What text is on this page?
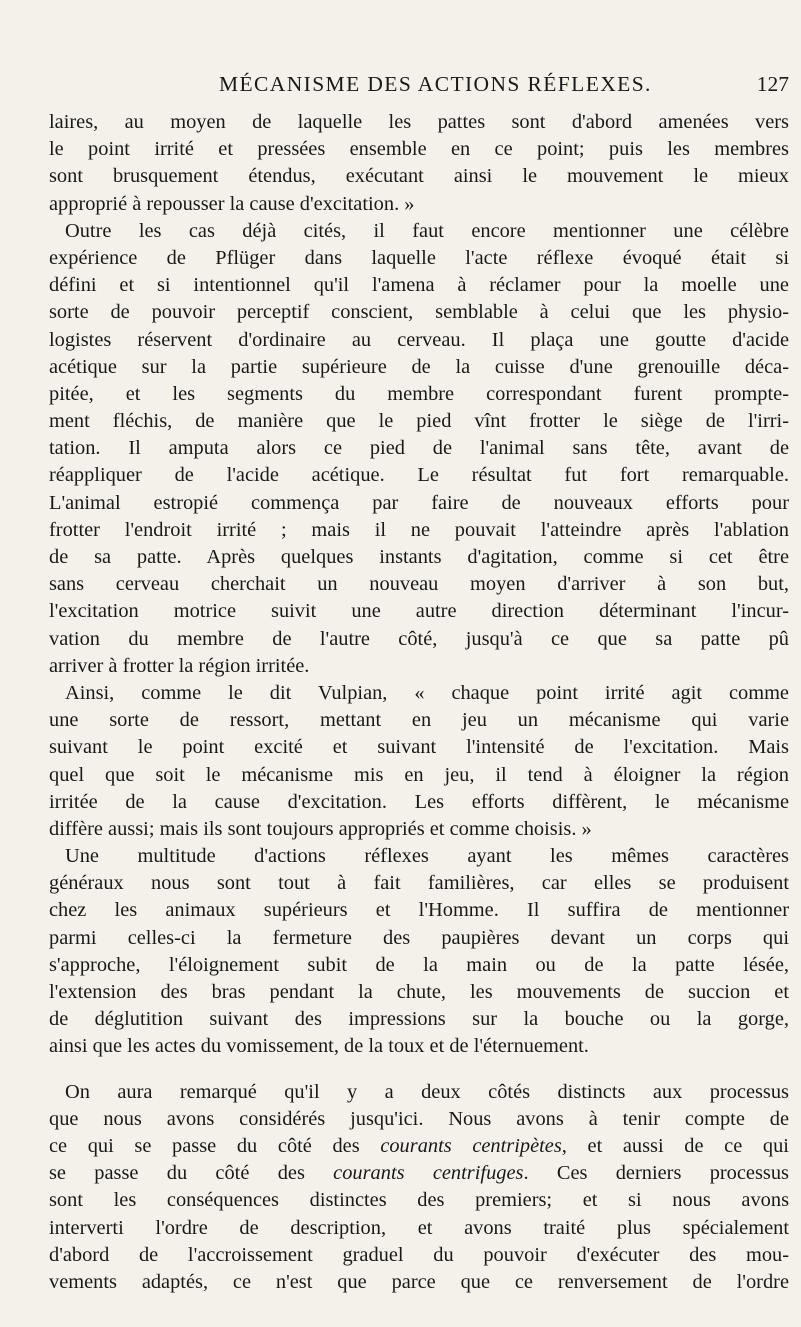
MÉCANISME DES ACTIONS RÉFLEXES.	127
laires, au moyen de laquelle les pattes sont d'abord amenées vers
le point irrité et pressées ensemble en ce point; puis les membres
sont brusquement étendus, exécutant ainsi le mouvement le mieux
approprié à repousser la cause d'excitation. »
Outre les cas déjà cités, il faut encore mentionner une célèbre
expérience de Pflüger dans laquelle l'acte réflexe évoqué était si
défini et si intentionnel qu'il l'amena à réclamer pour la moelle une
sorte de pouvoir perceptif conscient, semblable à celui que les physio-
logistes réservent d'ordinaire au cerveau. Il plaça une goutte d'acide
acétique sur la partie supérieure de la cuisse d'une grenouille déca-
pitée, et les segments du membre correspondant furent prompte-
ment fléchis, de manière que le pied vînt frotter le siège de l'irri-
tation. Il amputa alors ce pied de l'animal sans tête, avant de
réappliquer de l'acide acétique. Le résultat fut fort remarquable.
L'animal estropié commença par faire de nouveaux efforts pour
frotter l'endroit irrité ; mais il ne pouvait l'atteindre après l'ablation
de sa patte. Après quelques instants d'agitation, comme si cet être
sans cerveau cherchait un nouveau moyen d'arriver à son but,
l'excitation motrice suivit une autre direction déterminant l'incur-
vation du membre de l'autre côté, jusqu'à ce que sa patte pû
arriver à frotter la région irritée.
Ainsi, comme le dit Vulpian, « chaque point irrité agit comme
une sorte de ressort, mettant en jeu un mécanisme qui varie
suivant le point excité et suivant l'intensité de l'excitation. Mais
quel que soit le mécanisme mis en jeu, il tend à éloigner la région
irritée de la cause d'excitation. Les efforts diffèrent, le mécanisme
diffère aussi; mais ils sont toujours appropriés et comme choisis. »
Une multitude d'actions réflexes ayant les mêmes caractères
généraux nous sont tout à fait familières, car elles se produisent
chez les animaux supérieurs et l'Homme. Il suffira de mentionner
parmi celles-ci la fermeture des paupières devant un corps qui
s'approche, l'éloignement subit de la main ou de la patte lésée,
l'extension des bras pendant la chute, les mouvements de succion et
de déglutition suivant des impressions sur la bouche ou la gorge,
ainsi que les actes du vomissement, de la toux et de l'éternuement.
On aura remarqué qu'il y a deux côtés distincts aux processus
que nous avons considérés jusqu'ici. Nous avons à tenir compte de
ce qui se passe du côté des courants centripètes, et aussi de ce qui
se passe du côté des courants centrifuges. Ces derniers processus
sont les conséquences distinctes des premiers; et si nous avons
interverti l'ordre de description, et avons traité plus spécialement
d'abord de l'accroissement graduel du pouvoir d'exécuter des mou-
vements adaptés, ce n'est que parce que ce renversement de l'ordre
